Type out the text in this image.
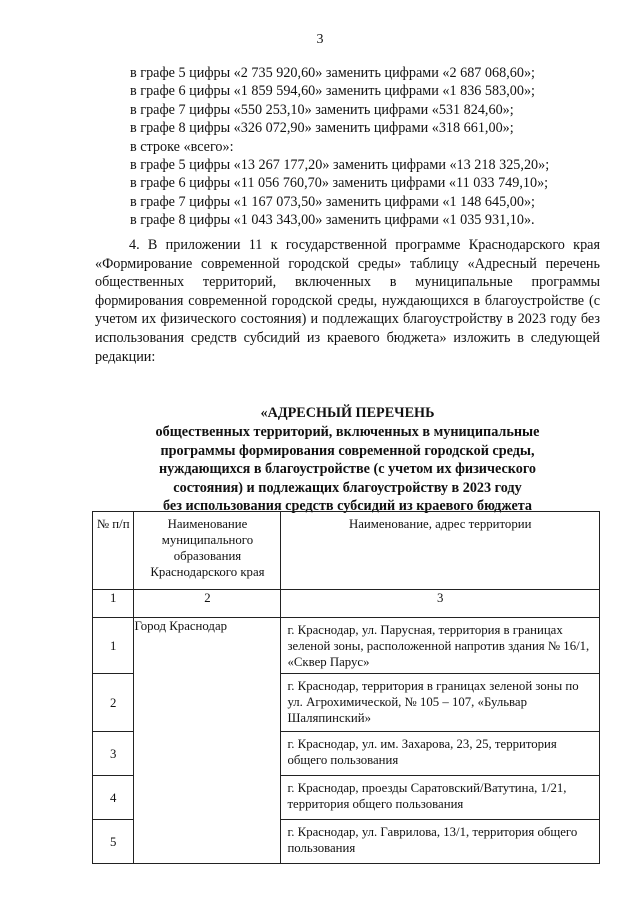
3
в графе 5 цифры «2 735 920,60» заменить цифрами «2 687 068,60»;
в графе 6 цифры «1 859 594,60» заменить цифрами «1 836 583,00»;
в графе 7 цифры «550 253,10» заменить цифрами «531 824,60»;
в графе 8 цифры «326 072,90» заменить цифрами «318 661,00»;
в строке «всего»:
в графе 5 цифры «13 267 177,20» заменить цифрами «13 218 325,20»;
в графе 6 цифры «11 056 760,70» заменить цифрами «11 033 749,10»;
в графе 7 цифры «1 167 073,50» заменить цифрами «1 148 645,00»;
в графе 8 цифры «1 043 343,00» заменить цифрами «1 035 931,10».
4. В приложении 11 к государственной программе Краснодарского края «Формирование современной городской среды» таблицу «Адресный перечень общественных территорий, включенных в муниципальные программы формирования современной городской среды, нуждающихся в благоустройстве (с учетом их физического состояния) и подлежащих благоустройству в 2023 году без использования средств субсидий из краевого бюджета» изложить в следующей редакции:
«АДРЕСНЫЙ ПЕРЕЧЕНЬ
общественных территорий, включенных в муниципальные
программы формирования современной городской среды,
нуждающихся в благоустройстве (с учетом их физического
состояния) и подлежащих благоустройству в 2023 году
без использования средств субсидий из краевого бюджета
№ п/п	Наименование муниципального образования Краснодарского края	Наименование, адрес территории
1	2	3
1	Город Краснодар	г. Краснодар, ул. Парусная, территория в границах зеленой зоны, расположенной напротив здания № 16/1, «Сквер Парус»
2		г. Краснодар, территория в границах зеленой зоны по ул. Агрохимической, № 105 – 107, «Бульвар Шаляпинский»
3		г. Краснодар, ул. им. Захарова, 23, 25, территория общего пользования
4		г. Краснодар, проезды Саратовский/Ватутина, 1/21, территория общего пользования
5		г. Краснодар, ул. Гаврилова, 13/1, территория общего пользования
